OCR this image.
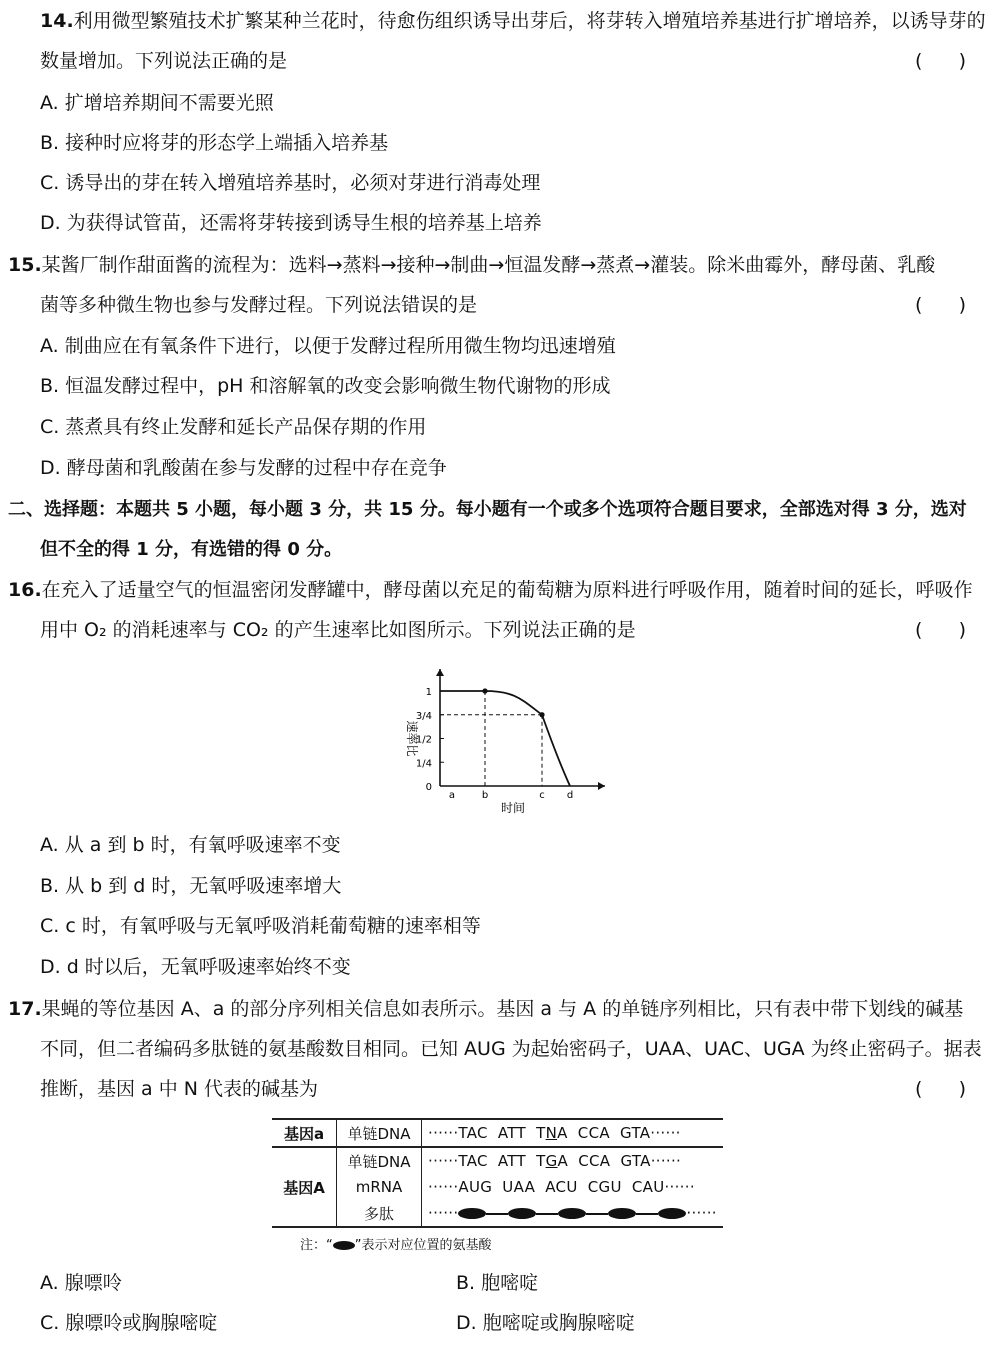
14.利用微型繁殖技术扩繁某种兰花时，待愈伤组织诱导出芽后，将芽转入增殖培养基进行扩增培养，以诱导芽的
数量增加。下列说法正确的是	(      )
A. 扩增培养期间不需要光照
B. 接种时应将芽的形态学上端插入培养基
C. 诱导出的芽在转入增殖培养基时，必须对芽进行消毒处理
D. 为获得试管苗，还需将芽转接到诱导生根的培养基上培养
15.某酱厂制作甜面酱的流程为：选料→蒸料→接种→制曲→恒温发酵→蒸煮→灌装。除米曲霉外，酵母菌、乳酸
菌等多种微生物也参与发酵过程。下列说法错误的是	(      )
A. 制曲应在有氧条件下进行，以便于发酵过程所用微生物均迅速增殖
B. 恒温发酵过程中，pH 和溶解氧的改变会影响微生物代谢物的形成
C. 蒸煮具有终止发酵和延长产品保存期的作用
D. 酵母菌和乳酸菌在参与发酵的过程中存在竞争
二、选择题：本题共 5 小题，每小题 3 分，共 15 分。每小题有一个或多个选项符合题目要求，全部选对得 3 分，选对
但不全的得 1 分，有选错的得 0 分。
16.在充入了适量空气的恒温密闭发酵罐中，酵母菌以充足的葡萄糖为原料进行呼吸作用，随着时间的延长，呼吸作
用中 O₂ 的消耗速率与 CO₂ 的产生速率比如图所示。下列说法正确的是	(      )
0
1/4
1/2
3/4
1
a	b	c d
速率比
时间
A. 从 a 到 b 时，有氧呼吸速率不变
B. 从 b 到 d 时，无氧呼吸速率增大
C. c 时，有氧呼吸与无氧呼吸消耗葡萄糖的速率相等
D. d 时以后，无氧呼吸速率始终不变
17.果蝇的等位基因 A、a 的部分序列相关信息如表所示。基因 a 与 A 的单链序列相比，只有表中带下划线的碱基
不同，但二者编码多肽链的氨基酸数目相同。已知 AUG 为起始密码子，UAA、UAC、UGA 为终止密码子。据表
推断，基因 a 中 N 代表的碱基为	(      )
基因a	单链DNA	······TAC  ATT  TNA  CCA  GTA······
基因A	单链DNA	······TAC  ATT  TGA  CCA  GTA······
	mRNA	······AUG  UAA  ACU  CGU  CAU······
	多肽	······ ······
注：“ ”表示对应位置的氨基酸
A. 腺嘌呤	B. 胞嘧啶
C. 腺嘌呤或胸腺嘧啶	D. 胞嘧啶或胸腺嘧啶
